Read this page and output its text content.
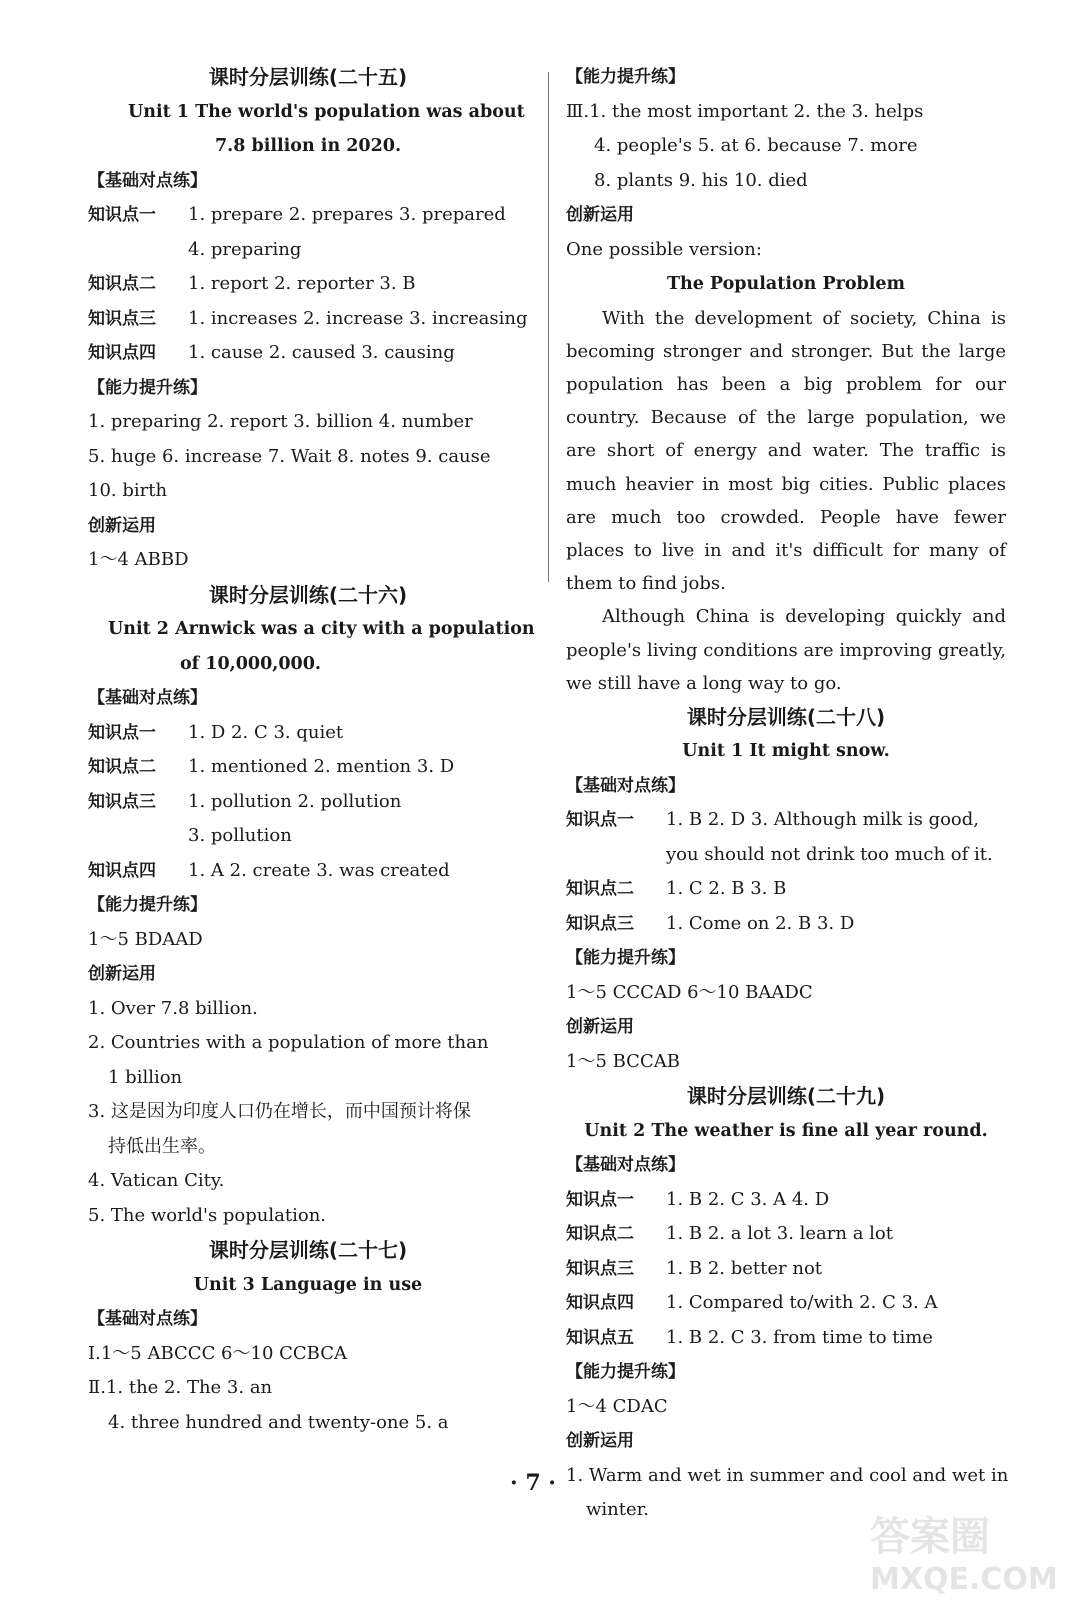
课时分层训练(二十五)
Unit 1 The world's population was about
7.8 billion in 2020.
【基础对点练】
知识点一	1. prepare 2. prepares 3. prepared
4. preparing
知识点二	1. report 2. reporter 3. B
知识点三	1. increases 2. increase 3. increasing
知识点四	1. cause 2. caused 3. causing
【能力提升练】
1. preparing 2. report 3. billion 4. number
5. huge 6. increase 7. Wait 8. notes 9. cause
10. birth
创新运用
1～4 ABBD
课时分层训练(二十六)
Unit 2 Arnwick was a city with a population
of 10,000,000.
【基础对点练】
知识点一	1. D 2. C 3. quiet
知识点二	1. mentioned 2. mention 3. D
知识点三	1. pollution 2. pollution
3. pollution
知识点四	1. A 2. create 3. was created
【能力提升练】
1～5 BDAAD
创新运用
1. Over 7.8 billion.
2. Countries with a population of more than
1 billion
3. 这是因为印度人口仍在增长，而中国预计将保
持低出生率。
4. Vatican City.
5. The world's population.
课时分层训练(二十七)
Unit 3 Language in use
【基础对点练】
Ⅰ.1～5 ABCCC 6～10 CCBCA
Ⅱ.1. the 2. The 3. an
4. three hundred and twenty-one 5. a
【能力提升练】
Ⅲ.1. the most important 2. the 3. helps
4. people's 5. at 6. because 7. more
8. plants 9. his 10. died
创新运用
One possible version:
The Population Problem

With the development of society, China is becoming stronger and stronger. But the large population has been a big problem for our country. Because of the large population, we are short of energy and water. The traffic is much heavier in most big cities. Public places are much too crowded. People have fewer places to live in and it's difficult for many of them to find jobs.

Although China is developing quickly and people's living conditions are improving greatly, we still have a long way to go.

课时分层训练(二十八)
Unit 1 It might snow.
【基础对点练】
知识点一	1. B 2. D 3. Although milk is good,
you should not drink too much of it.
知识点二	1. C 2. B 3. B
知识点三	1. Come on 2. B 3. D
【能力提升练】
1～5 CCCAD 6～10 BAADC
创新运用
1～5 BCCAB
课时分层训练(二十九)
Unit 2 The weather is fine all year round.
【基础对点练】
知识点一	1. B 2. C 3. A 4. D
知识点二	1. B 2. a lot 3. learn a lot
知识点三	1. B 2. better not
知识点四	1. Compared to/with 2. C 3. A
知识点五	1. B 2. C 3. from time to time
【能力提升练】
1～4 CDAC
创新运用
1. Warm and wet in summer and cool and wet in
winter.
· 7 ·
答案圈
MXQE.COM
